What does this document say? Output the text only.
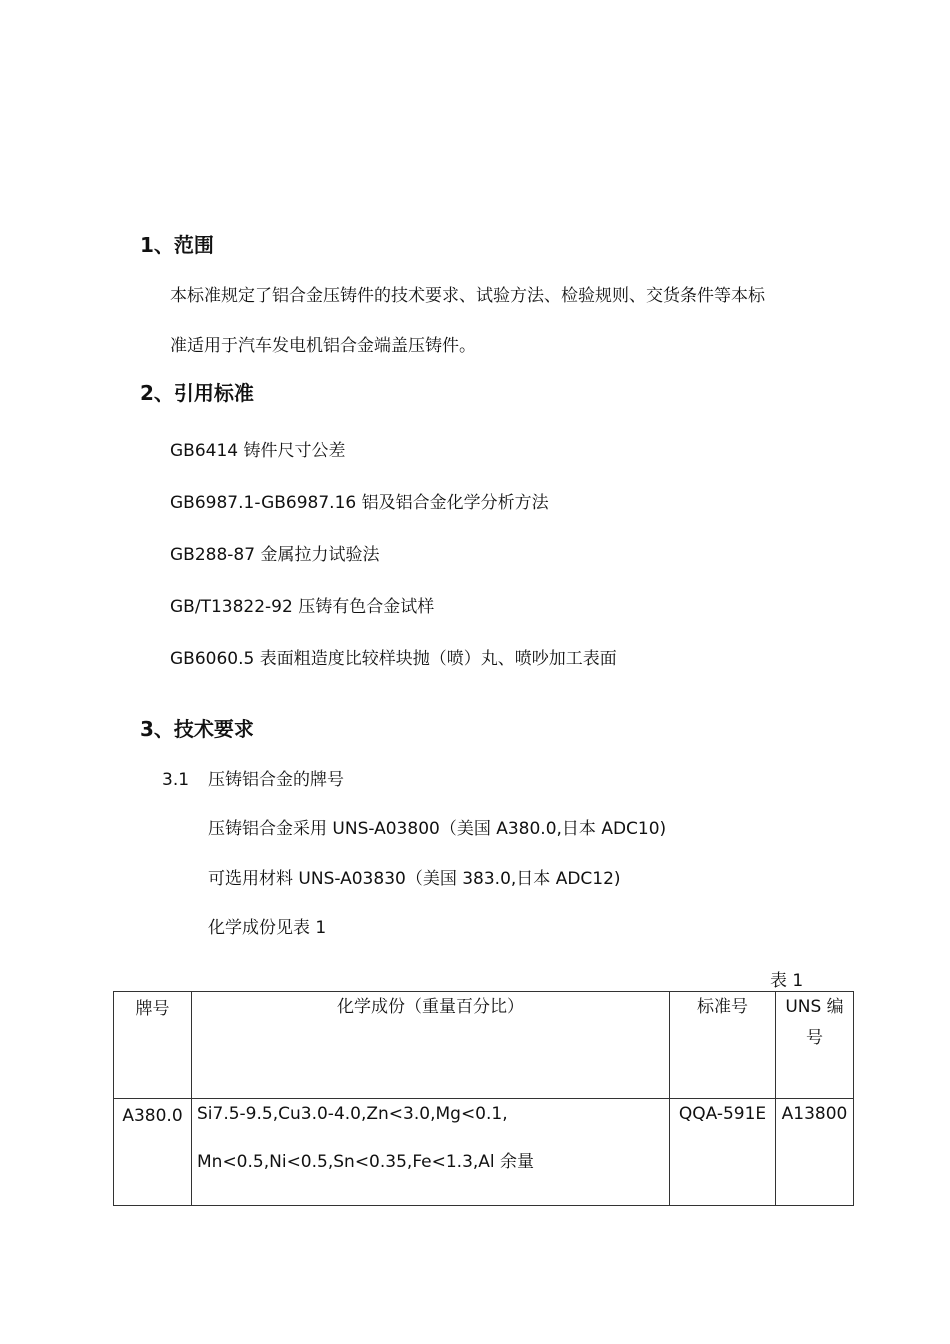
1、范围
本标准规定了铝合金压铸件的技术要求、试验方法、检验规则、交货条件等本标
准适用于汽车发电机铝合金端盖压铸件。
2、引用标准
GB6414 铸件尺寸公差
GB6987.1-GB6987.16 铝及铝合金化学分析方法
GB288-87 金属拉力试验法
GB/T13822-92 压铸有色合金试样
GB6060.5 表面粗造度比较样块抛（喷）丸、喷吵加工表面
3、技术要求
3.1 压铸铝合金的牌号
压铸铝合金采用 UNS-A03800（美国 A380.0,日本 ADC10)
可选用材料 UNS-A03830（美国 383.0,日本 ADC12)
化学成份见表 1
表 1
牌号	化学成份（重量百分比）	标准号	UNS 编
号

A380.0	Si7.5-9.5,Cu3.0-4.0,Zn<3.0,Mg<0.1,
Mn<0.5,Ni<0.5,Sn<0.35,Fe<1.3,Al 余量	QQA-591E	A13800
